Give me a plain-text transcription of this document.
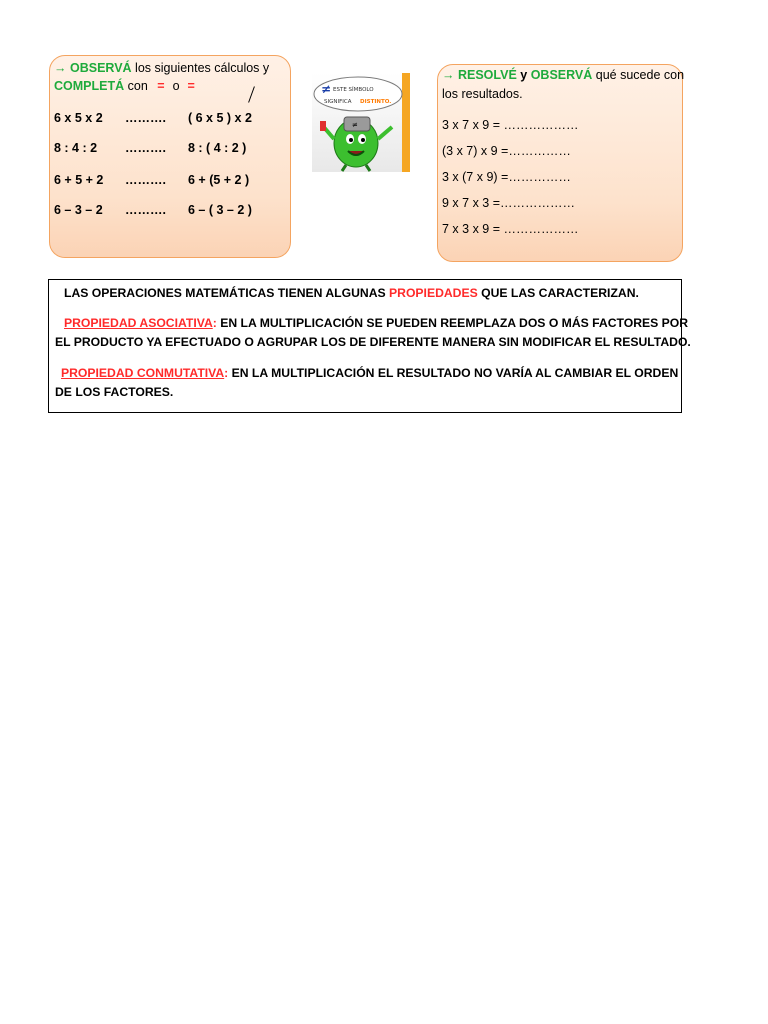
→ OBSERVÁ los siguientes cálculos y
COMPLETÁ con = o =
6 x 5 x 2 ………. ( 6 x 5 ) x 2
8 : 4 : 2 ………. 8 : ( 4 : 2 )
6 + 5 + 2 ………. 6 + (5 + 2 )
6 – 3 – 2 ………. 6 – ( 3 – 2 )
≠ ESTE SÍMBOLO
SIGNIFICA DISTINTO.
≠
→ RESOLVÉ y OBSERVÁ qué sucede con
los resultados.
3 x 7 x 9 = ………………
(3 x 7) x 9 =……………
3 x (7 x 9) =……………
9 x 7 x 3 =………………
7 x 3 x 9 = ………………
LAS OPERACIONES MATEMÁTICAS TIENEN ALGUNAS PROPIEDADES QUE LAS CARACTERIZAN.
PROPIEDAD ASOCIATIVA: EN LA MULTIPLICACIÓN SE PUEDEN REEMPLAZA DOS O MÁS FACTORES POR
EL PRODUCTO YA EFECTUADO O AGRUPAR LOS DE DIFERENTE MANERA SIN MODIFICAR EL RESULTADO.
PROPIEDAD CONMUTATIVA: EN LA MULTIPLICACIÓN EL RESULTADO NO VARÍA AL CAMBIAR EL ORDEN
DE LOS FACTORES.
